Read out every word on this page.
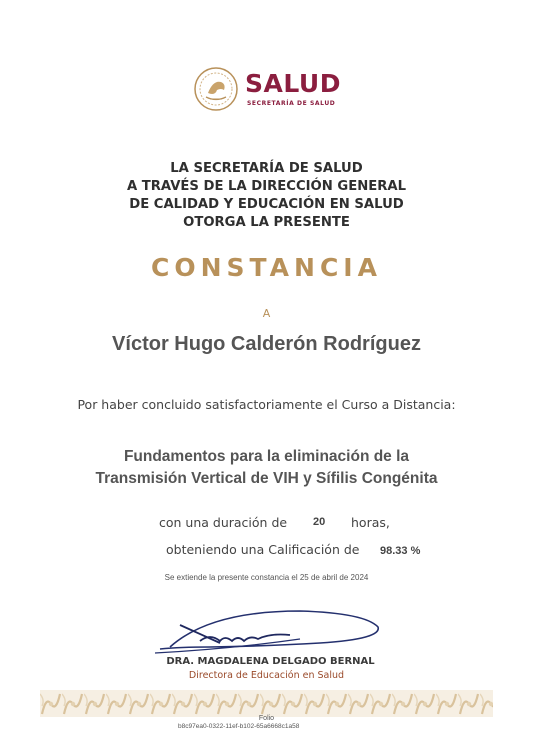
SALUD
SECRETARÍA DE SALUD
LA SECRETARÍA DE SALUD
A TRAVÉS DE LA DIRECCIÓN GENERAL
DE CALIDAD Y EDUCACIÓN EN SALUD
OTORGA LA PRESENTE
CONSTANCIA
A
Víctor Hugo Calderón Rodríguez
Por haber concluido satisfactoriamente el Curso a Distancia:
Fundamentos para la eliminación de la
Transmisión Vertical de VIH y Sífilis Congénita
con una duración de 20 horas,
obteniendo una Calificación de 98.33 %
Se extiende la presente constancia el 25 de abril de 2024
DRA. MAGDALENA DELGADO BERNAL
Directora de Educación en Salud
Folio
b8c97ea0-0322-11ef-b102-65a6668c1a58
